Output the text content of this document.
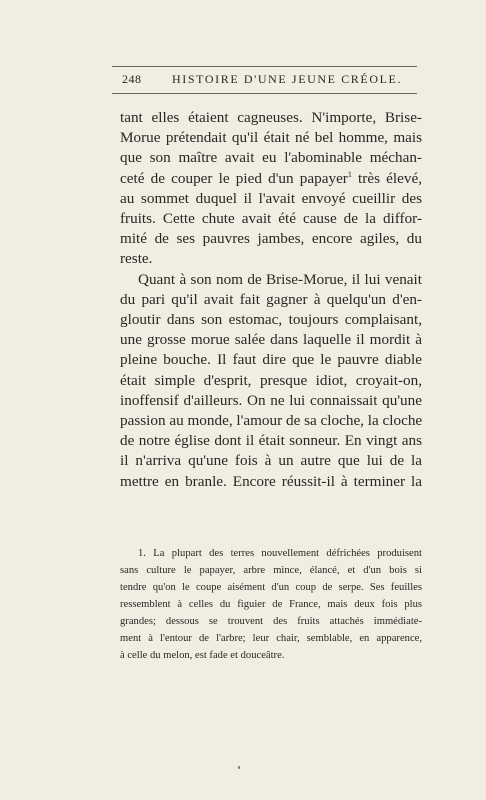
248	HISTOIRE D'UNE JEUNE CRÉOLE.
tant elles étaient cagneuses. N'importe, Brise-
Morue prétendait qu'il était né bel homme, mais
que son maître avait eu l'abominable méchan-
ceté de couper le pied d'un papayer$^1$ très élevé,
au sommet duquel il l'avait envoyé cueillir des
fruits. Cette chute avait été cause de la diffor-
mité de ses pauvres jambes, encore agiles, du
reste.
Quant à son nom de Brise-Morue, il lui venait
du pari qu'il avait fait gagner à quelqu'un d'en-
gloutir dans son estomac, toujours complaisant,
une grosse morue salée dans laquelle il mordit à
pleine bouche. Il faut dire que le pauvre diable
était simple d'esprit, presque idiot, croyait-on,
inoffensif d'ailleurs. On ne lui connaissait qu'une
passion au monde, l'amour de sa cloche, la cloche
de notre église dont il était sonneur. En vingt ans
il n'arriva qu'une fois à un autre que lui de la
mettre en branle. Encore réussit-il à terminer la
1. La plupart des terres nouvellement défrichées produisent
sans culture le papayer, arbre mince, élancé, et d'un bois si
tendre qu'on le coupe aisément d'un coup de serpe. Ses feuilles
ressemblent à celles du figuier de France, mais deux fois plus
grandes; dessous se trouvent des fruits attachés immédiate-
ment à l'entour de l'arbre; leur chair, semblable, en apparence,
à celle du melon, est fade et douceâtre.
